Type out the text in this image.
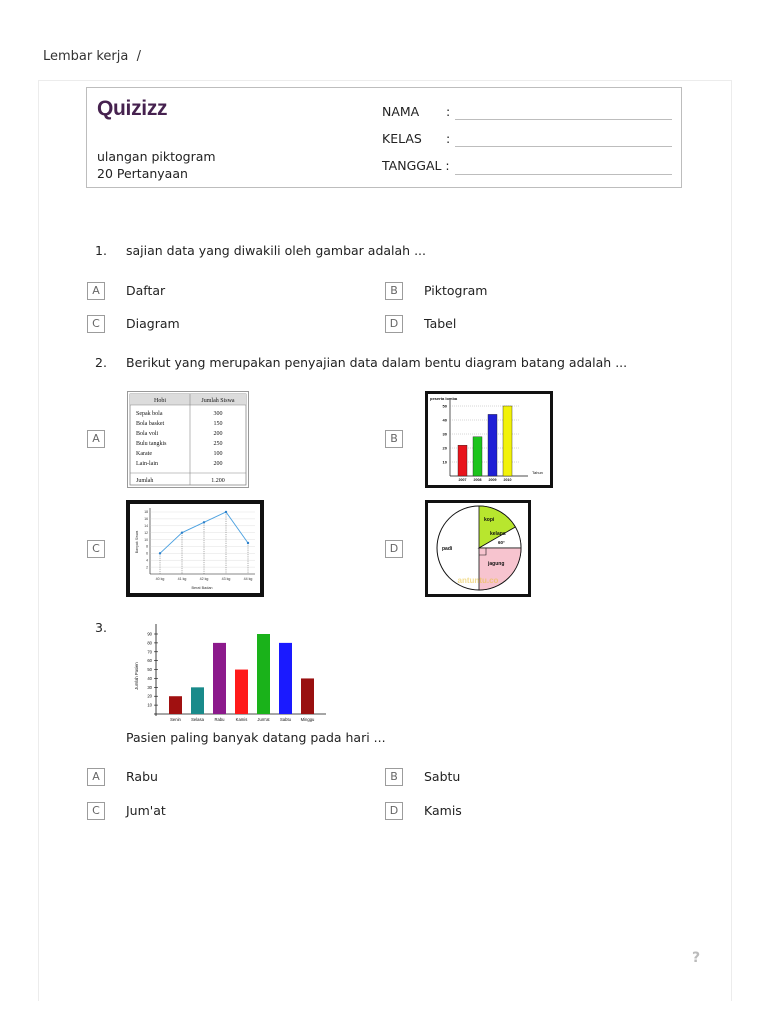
Lembar kerja /
Quizizz
ulangan piktogram
20 Pertanyaan
NAMA :
KELAS :
TANGGAL :
1. sajian data yang diwakili oleh gambar adalah ...
A	Daftar	B	Piktogram
C	Diagram	D	Tabel
2. Berikut yang merupakan penyajian data dalam bentu diagram batang adalah ...
A	B
C	D
Hobi	Jumlah Siswa
Sepak bola	300
Bola basket	150
Bola voli	200
Bulu tangkis	250
Karate	100
Lain-lain	200
Jumlah	1.200
peserta lomba
10
20
30
40
50
2007 2008 2009 2010
Tahun
2
4
6
8
10
12
14
16
18
40 kg	41 kg	42 kg	43 kg	44 kg
Berat Badan
Banyak Siswa	padi
kopi
kelapa
60°
jagung
antuntu.co
3.
10
20
30
40
50
60
70
80
90
Senin Selasa	Rabu	Kamis Jum'at Sabtu Minggu
Jumlah Pasien
Pasien paling banyak datang pada hari ...
A	Rabu	B	Sabtu
C	Jum'at	D	Kamis
?
